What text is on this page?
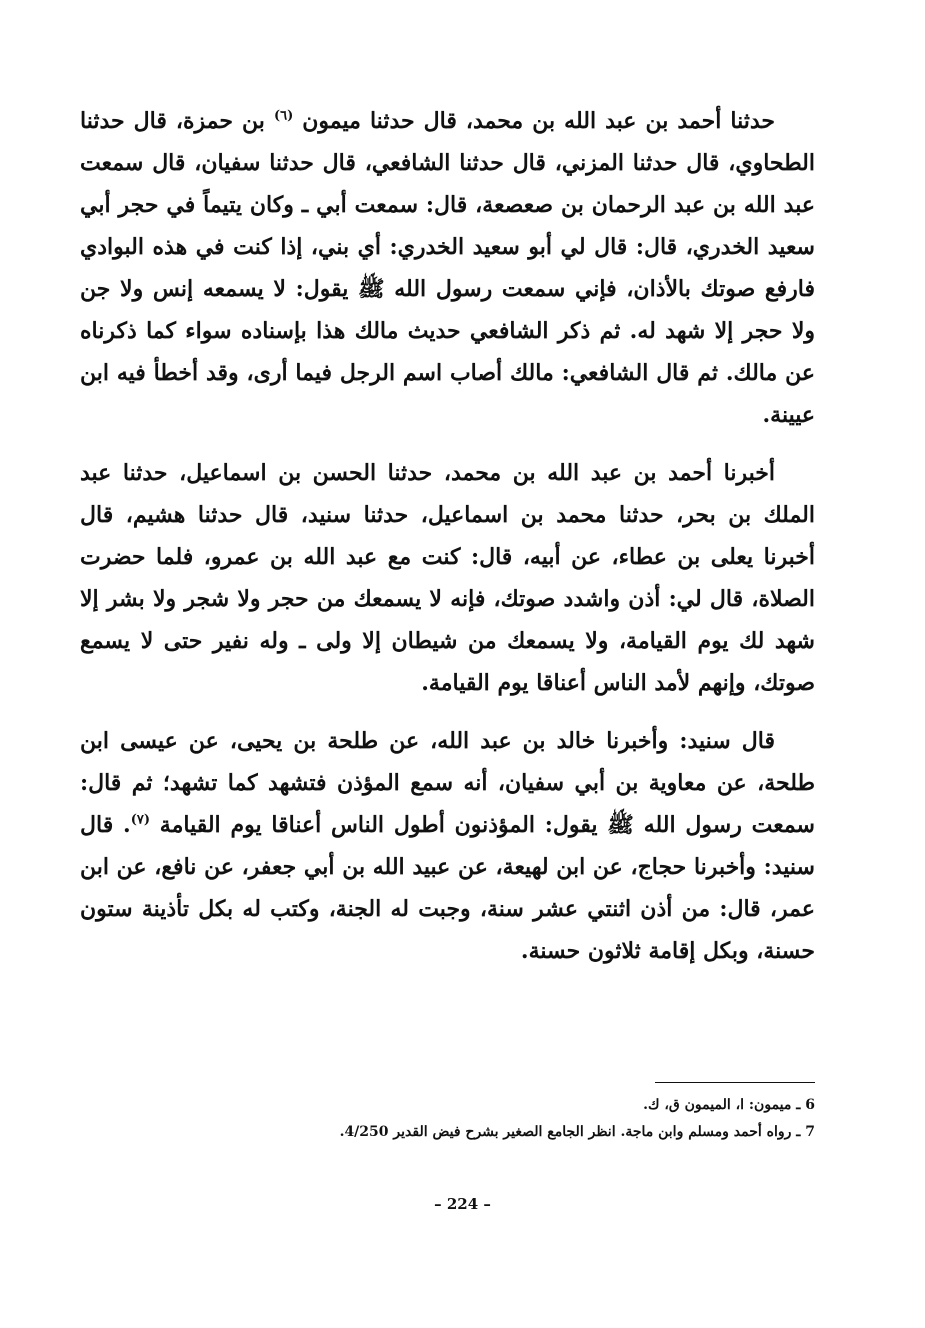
حدثنا أحمد بن عبد الله بن محمد، قال حدثنا ميمون $^{(٦)}$ بن حمزة، قال حدثنا الطحاوي، قال حدثنا المزني، قال حدثنا الشافعي، قال حدثنا سفيان، قال سمعت عبد الله بن عبد الرحمان بن صعصعة، قال: سمعت أبي ـ وكان يتيماً في حجر أبي سعيد الخدري، قال: قال لي أبو سعيد الخدري: أي بني، إذا كنت في هذه البوادي فارفع صوتك بالأذان، فإني سمعت رسول الله ﷺ يقول: لا يسمعه إنس ولا جن ولا حجر إلا شهد له. ثم ذكر الشافعي حديث مالك هذا بإسناده سواء كما ذكرناه عن مالك. ثم قال الشافعي: مالك أصاب اسم الرجل فيما أرى، وقد أخطأ فيه ابن عيينة.

أخبرنا أحمد بن عبد الله بن محمد، حدثنا الحسن بن اسماعيل، حدثنا عبد الملك بن بحر، حدثنا محمد بن اسماعيل، حدثنا سنيد، قال حدثنا هشيم، قال أخبرنا يعلى بن عطاء، عن أبيه، قال: كنت مع عبد الله بن عمرو، فلما حضرت الصلاة، قال لي: أذن واشدد صوتك، فإنه لا يسمعك من حجر ولا شجر ولا بشر إلا شهد لك يوم القيامة، ولا يسمعك من شيطان إلا ولى ـ وله نفير حتى لا يسمع صوتك، وإنهم لأمد الناس أعناقا يوم القيامة.

قال سنيد: وأخبرنا خالد بن عبد الله، عن طلحة بن يحيى، عن عيسى ابن طلحة، عن معاوية بن أبي سفيان، أنه سمع المؤذن فتشهد كما تشهد؛ ثم قال: سمعت رسول الله ﷺ يقول: المؤذنون أطول الناس أعناقا يوم القيامة $^{(٧)}$. قال سنيد: وأخبرنا حجاج، عن ابن لهيعة، عن عبيد الله بن أبي جعفر، عن نافع، عن ابن عمر، قال: من أذن اثنتي عشر سنة، وجبت له الجنة، وكتب له بكل تأذينة ستون حسنة، وبكل إقامة ثلاثون حسنة.

6 ـ ميمون: ا، الميمون ق، ك.
7 ـ رواه أحمد ومسلم وابن ماجة. انظر الجامع الصغير بشرح فيض القدير 4/250.
– 224 –
